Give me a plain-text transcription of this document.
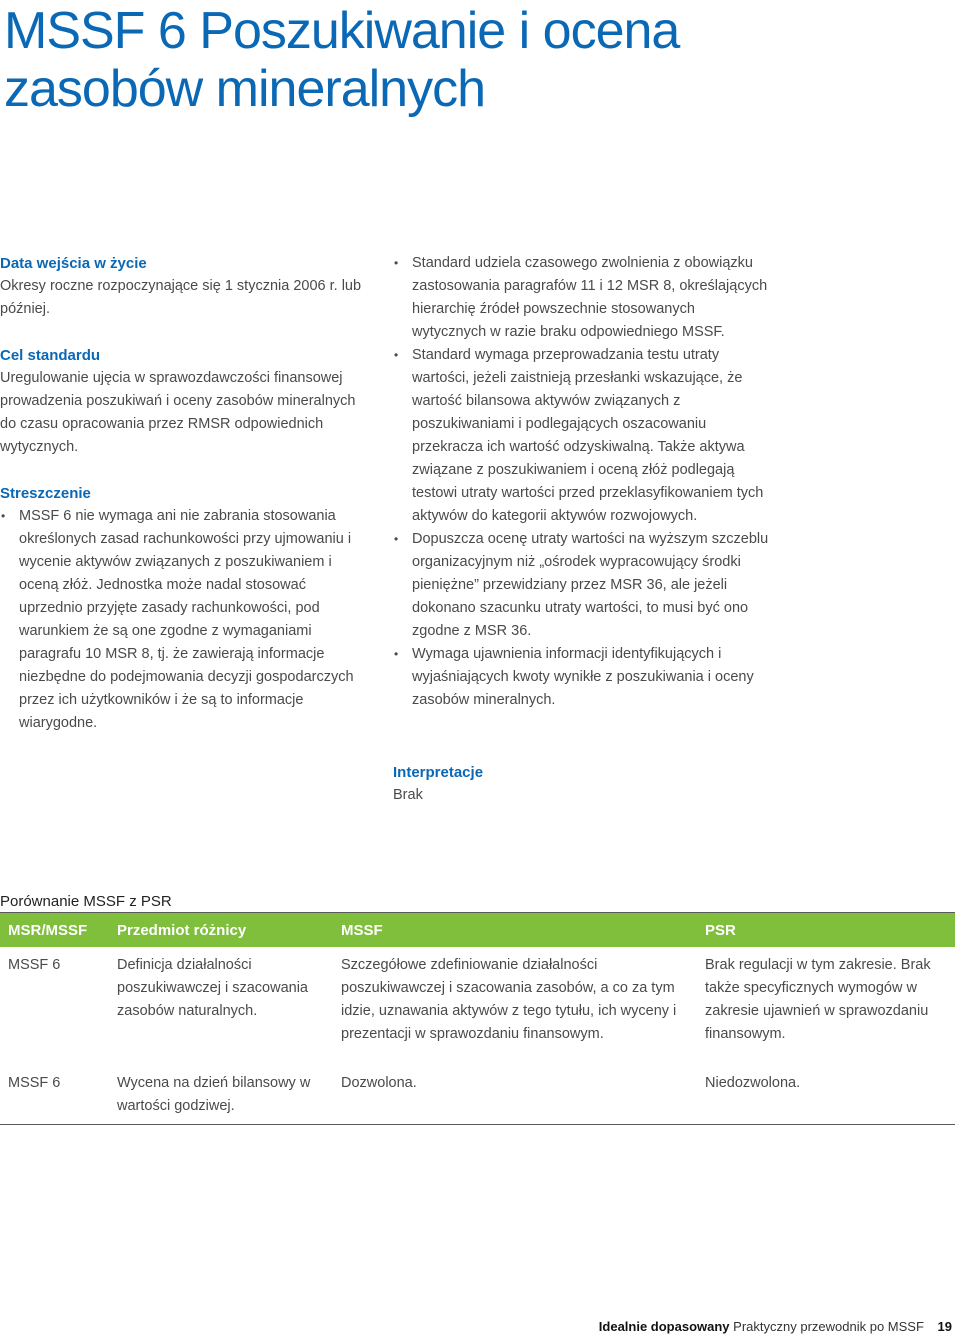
MSSF 6 Poszukiwanie i ocena
zasobów mineralnych
Data wejścia w życie
Okresy roczne rozpoczynające się 1 stycznia 2006 r. lub później.
Cel standardu
Uregulowanie ujęcia w sprawozdawczości finansowej prowadzenia poszukiwań i oceny zasobów mineralnych do czasu opracowania przez RMSR odpowiednich wytycznych.
Streszczenie
• MSSF 6 nie wymaga ani nie zabrania stosowania określonych zasad rachunkowości przy ujmowaniu i wycenie aktywów związanych z poszukiwaniem i oceną złóż. Jednostka może nadal stosować uprzednio przyjęte zasady rachunkowości, pod warunkiem że są one zgodne z wymaganiami paragrafu 10 MSR 8, tj. że zawierają informacje niezbędne do podejmowania decyzji gospodarczych przez ich użytkowników i że są to informacje wiarygodne.
• Standard udziela czasowego zwolnienia z obowiązku zastosowania paragrafów 11 i 12 MSR 8, określających hierarchię źródeł powszechnie stosowanych wytycznych w razie braku odpowiedniego MSSF.
• Standard wymaga przeprowadzania testu utraty wartości, jeżeli zaistnieją przesłanki wskazujące, że wartość bilansowa aktywów związanych z poszukiwaniami i podlegających oszacowaniu przekracza ich wartość odzyskiwalną. Także aktywa związane z poszukiwaniem i oceną złóż podlegają testowi utraty wartości przed przeklasyfikowaniem tych aktywów do kategorii aktywów rozwojowych.
• Dopuszcza ocenę utraty wartości na wyższym szczeblu organizacyjnym niż „ośrodek wypracowujący środki pieniężne” przewidziany przez MSR 36, ale jeżeli dokonano szacunku utraty wartości, to musi być ono zgodne z MSR 36.
• Wymaga ujawnienia informacji identyfikujących i wyjaśniających kwoty wynikłe z poszukiwania i oceny zasobów mineralnych.
Interpretacje
Brak
Porównanie MSSF z PSR
MSR/MSSF	Przedmiot różnicy	MSSF	PSR
MSSF 6	Definicja działalności poszukiwawczej i szacowania zasobów naturalnych.	Szczegółowe zdefiniowanie działalności poszukiwawczej i szacowania zasobów, a co za tym idzie, uznawania aktywów z tego tytułu, ich wyceny i prezentacji w sprawozdaniu finansowym.	Brak regulacji w tym zakresie. Brak także specyficznych wymogów w zakresie ujawnień w sprawozdaniu finansowym.
MSSF 6	Wycena na dzień bilansowy w wartości godziwej.	Dozwolona.	Niedozwolona.
Idealnie dopasowany Praktyczny przewodnik po MSSF 19
